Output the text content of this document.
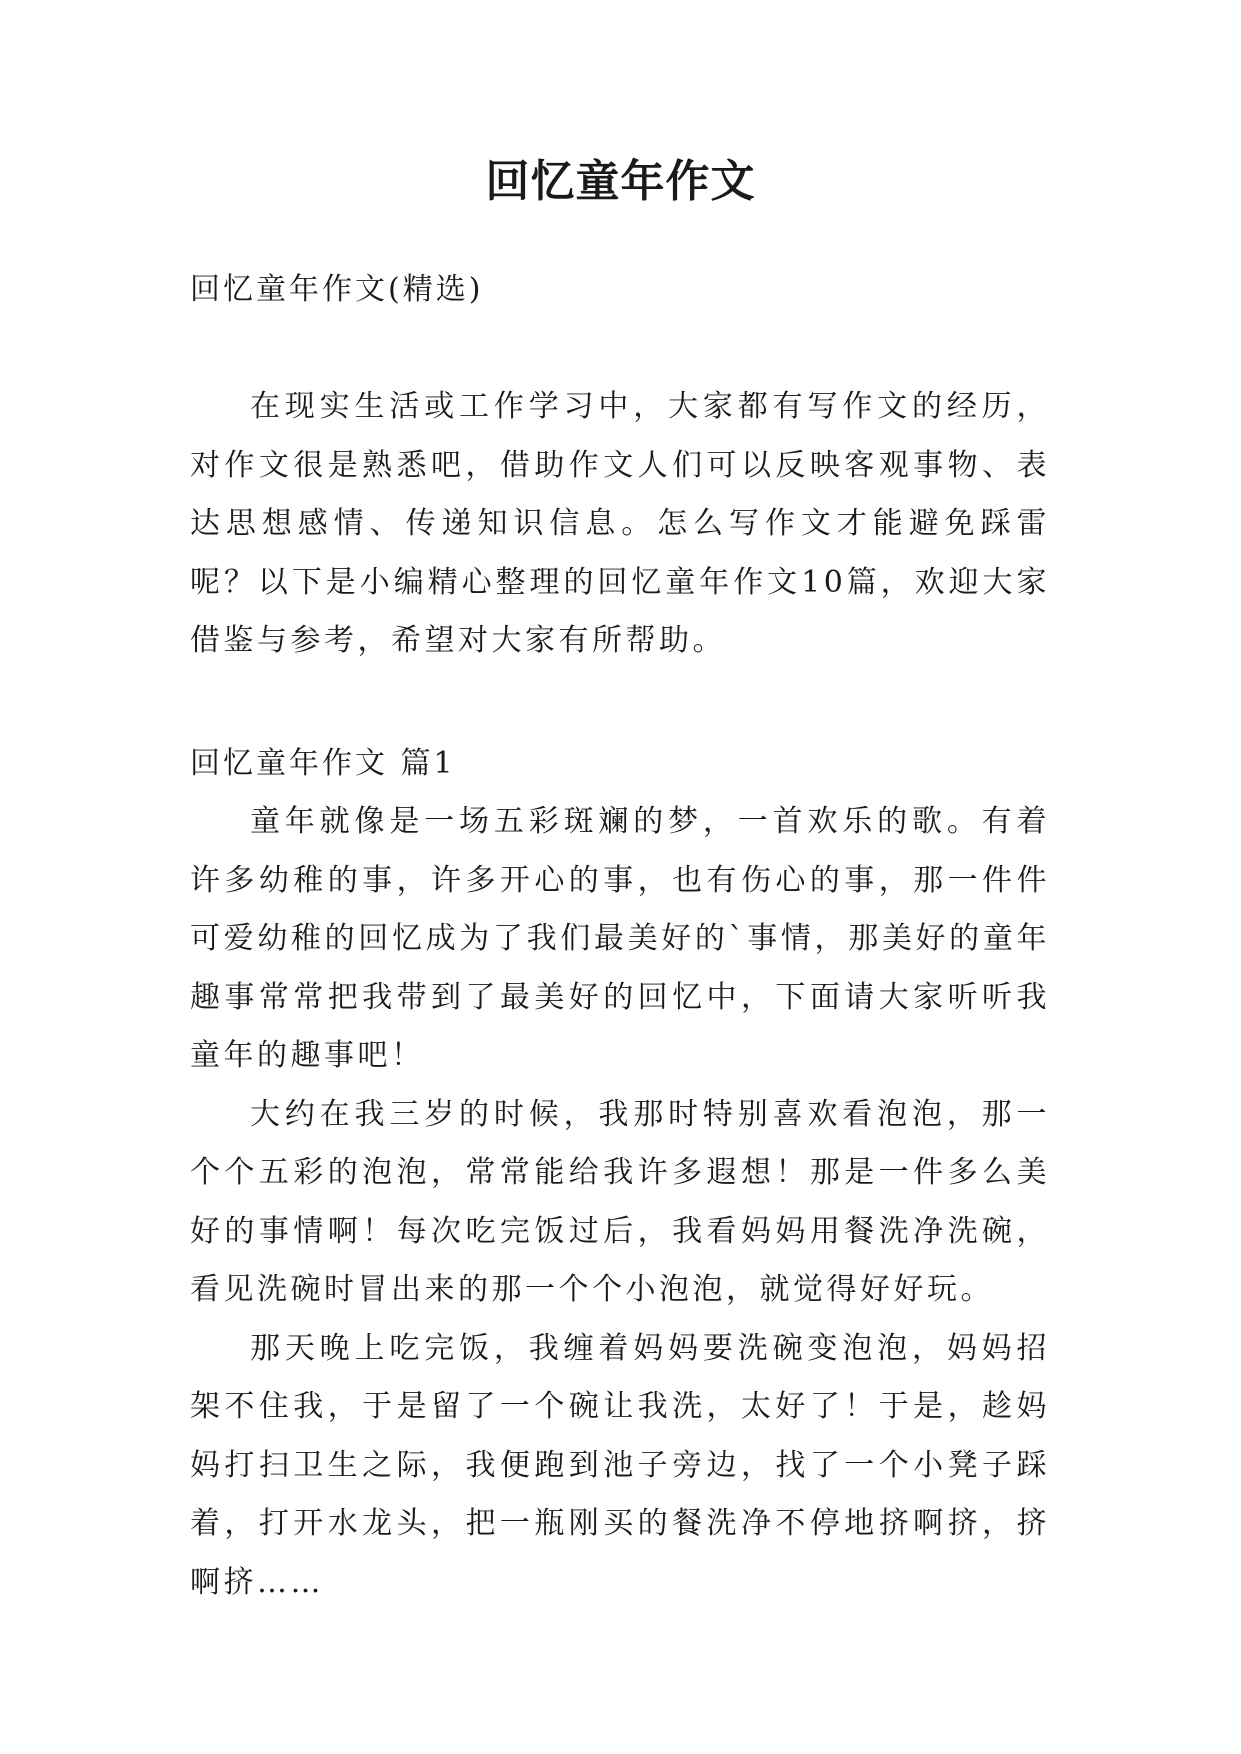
回忆童年作文
回忆童年作文(精选)

在现实生活或工作学习中，大家都有写作文的经历，对作文很是熟悉吧，借助作文人们可以反映客观事物、表达思想感情、传递知识信息。怎么写作文才能避免踩雷呢？以下是小编精心整理的回忆童年作文10篇，欢迎大家借鉴与参考，希望对大家有所帮助。

回忆童年作文 篇1

童年就像是一场五彩斑斓的梦，一首欢乐的歌。有着许多幼稚的事，许多开心的事，也有伤心的事，那一件件可爱幼稚的回忆成为了我们最美好的`事情，那美好的童年趣事常常把我带到了最美好的回忆中，下面请大家听听我童年的趣事吧！

大约在我三岁的时候，我那时特别喜欢看泡泡，那一个个五彩的泡泡，常常能给我许多遐想！那是一件多么美好的事情啊！每次吃完饭过后，我看妈妈用餐洗净洗碗，看见洗碗时冒出来的那一个个小泡泡，就觉得好好玩。

那天晚上吃完饭，我缠着妈妈要洗碗变泡泡，妈妈招架不住我，于是留了一个碗让我洗，太好了！于是，趁妈妈打扫卫生之际，我便跑到池子旁边，找了一个小凳子踩着，打开水龙头，把一瓶刚买的餐洗净不停地挤啊挤，挤啊挤……
